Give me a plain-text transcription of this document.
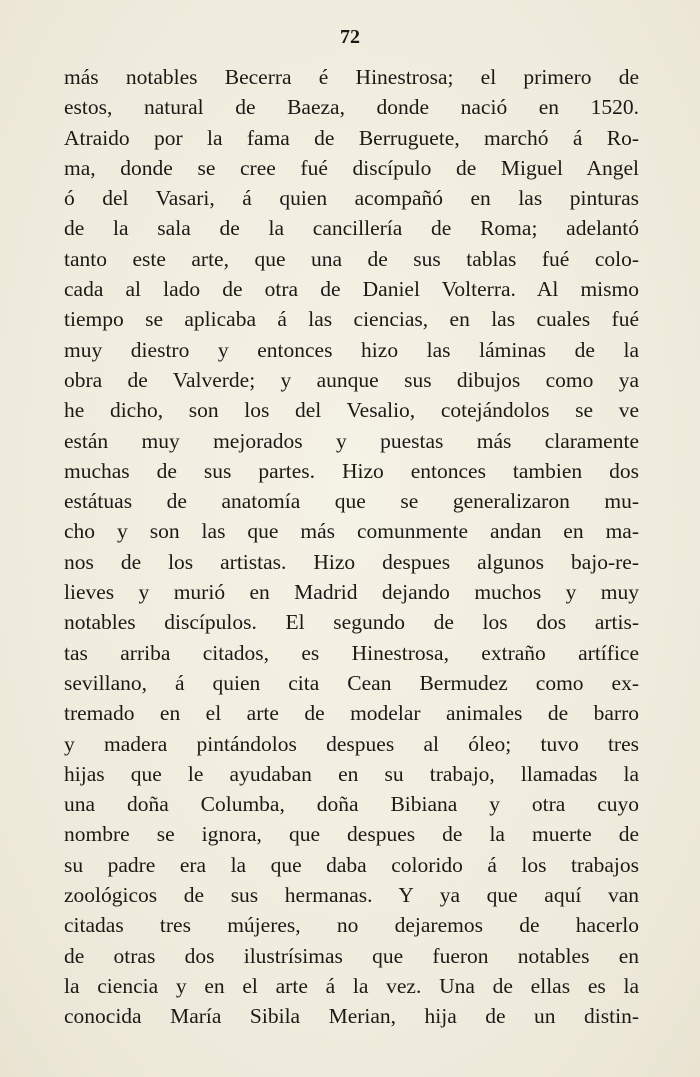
72
más notables Becerra é Hinestrosa; el primero de
estos, natural de Baeza, donde nació en 1520.
Atraido por la fama de Berruguete, marchó á Ro-
ma, donde se cree fué discípulo de Miguel Angel
ó del Vasari, á quien acompañó en las pinturas
de la sala de la cancillería de Roma; adelantó
tanto este arte, que una de sus tablas fué colo-
cada al lado de otra de Daniel Volterra. Al mismo
tiempo se aplicaba á las ciencias, en las cuales fué
muy diestro y entonces hizo las láminas de la
obra de Valverde; y aunque sus dibujos como ya
he dicho, son los del Vesalio, cotejándolos se ve
están muy mejorados y puestas más claramente
muchas de sus partes. Hizo entonces tambien dos
estátuas de anatomía que se generalizaron mu-
cho y son las que más comunmente andan en ma-
nos de los artistas. Hizo despues algunos bajo-re-
lieves y murió en Madrid dejando muchos y muy
notables discípulos. El segundo de los dos artis-
tas arriba citados, es Hinestrosa, extraño artífice
sevillano, á quien cita Cean Bermudez como ex-
tremado en el arte de modelar animales de barro
y madera pintándolos despues al óleo; tuvo tres
hijas que le ayudaban en su trabajo, llamadas la
una doña Columba, doña Bibiana y otra cuyo
nombre se ignora, que despues de la muerte de
su padre era la que daba colorido á los trabajos
zoológicos de sus hermanas. Y ya que aquí van
citadas tres mújeres, no dejaremos de hacerlo
de otras dos ilustrísimas que fueron notables en
la ciencia y en el arte á la vez. Una de ellas es la
conocida María Sibila Merian, hija de un distin-
